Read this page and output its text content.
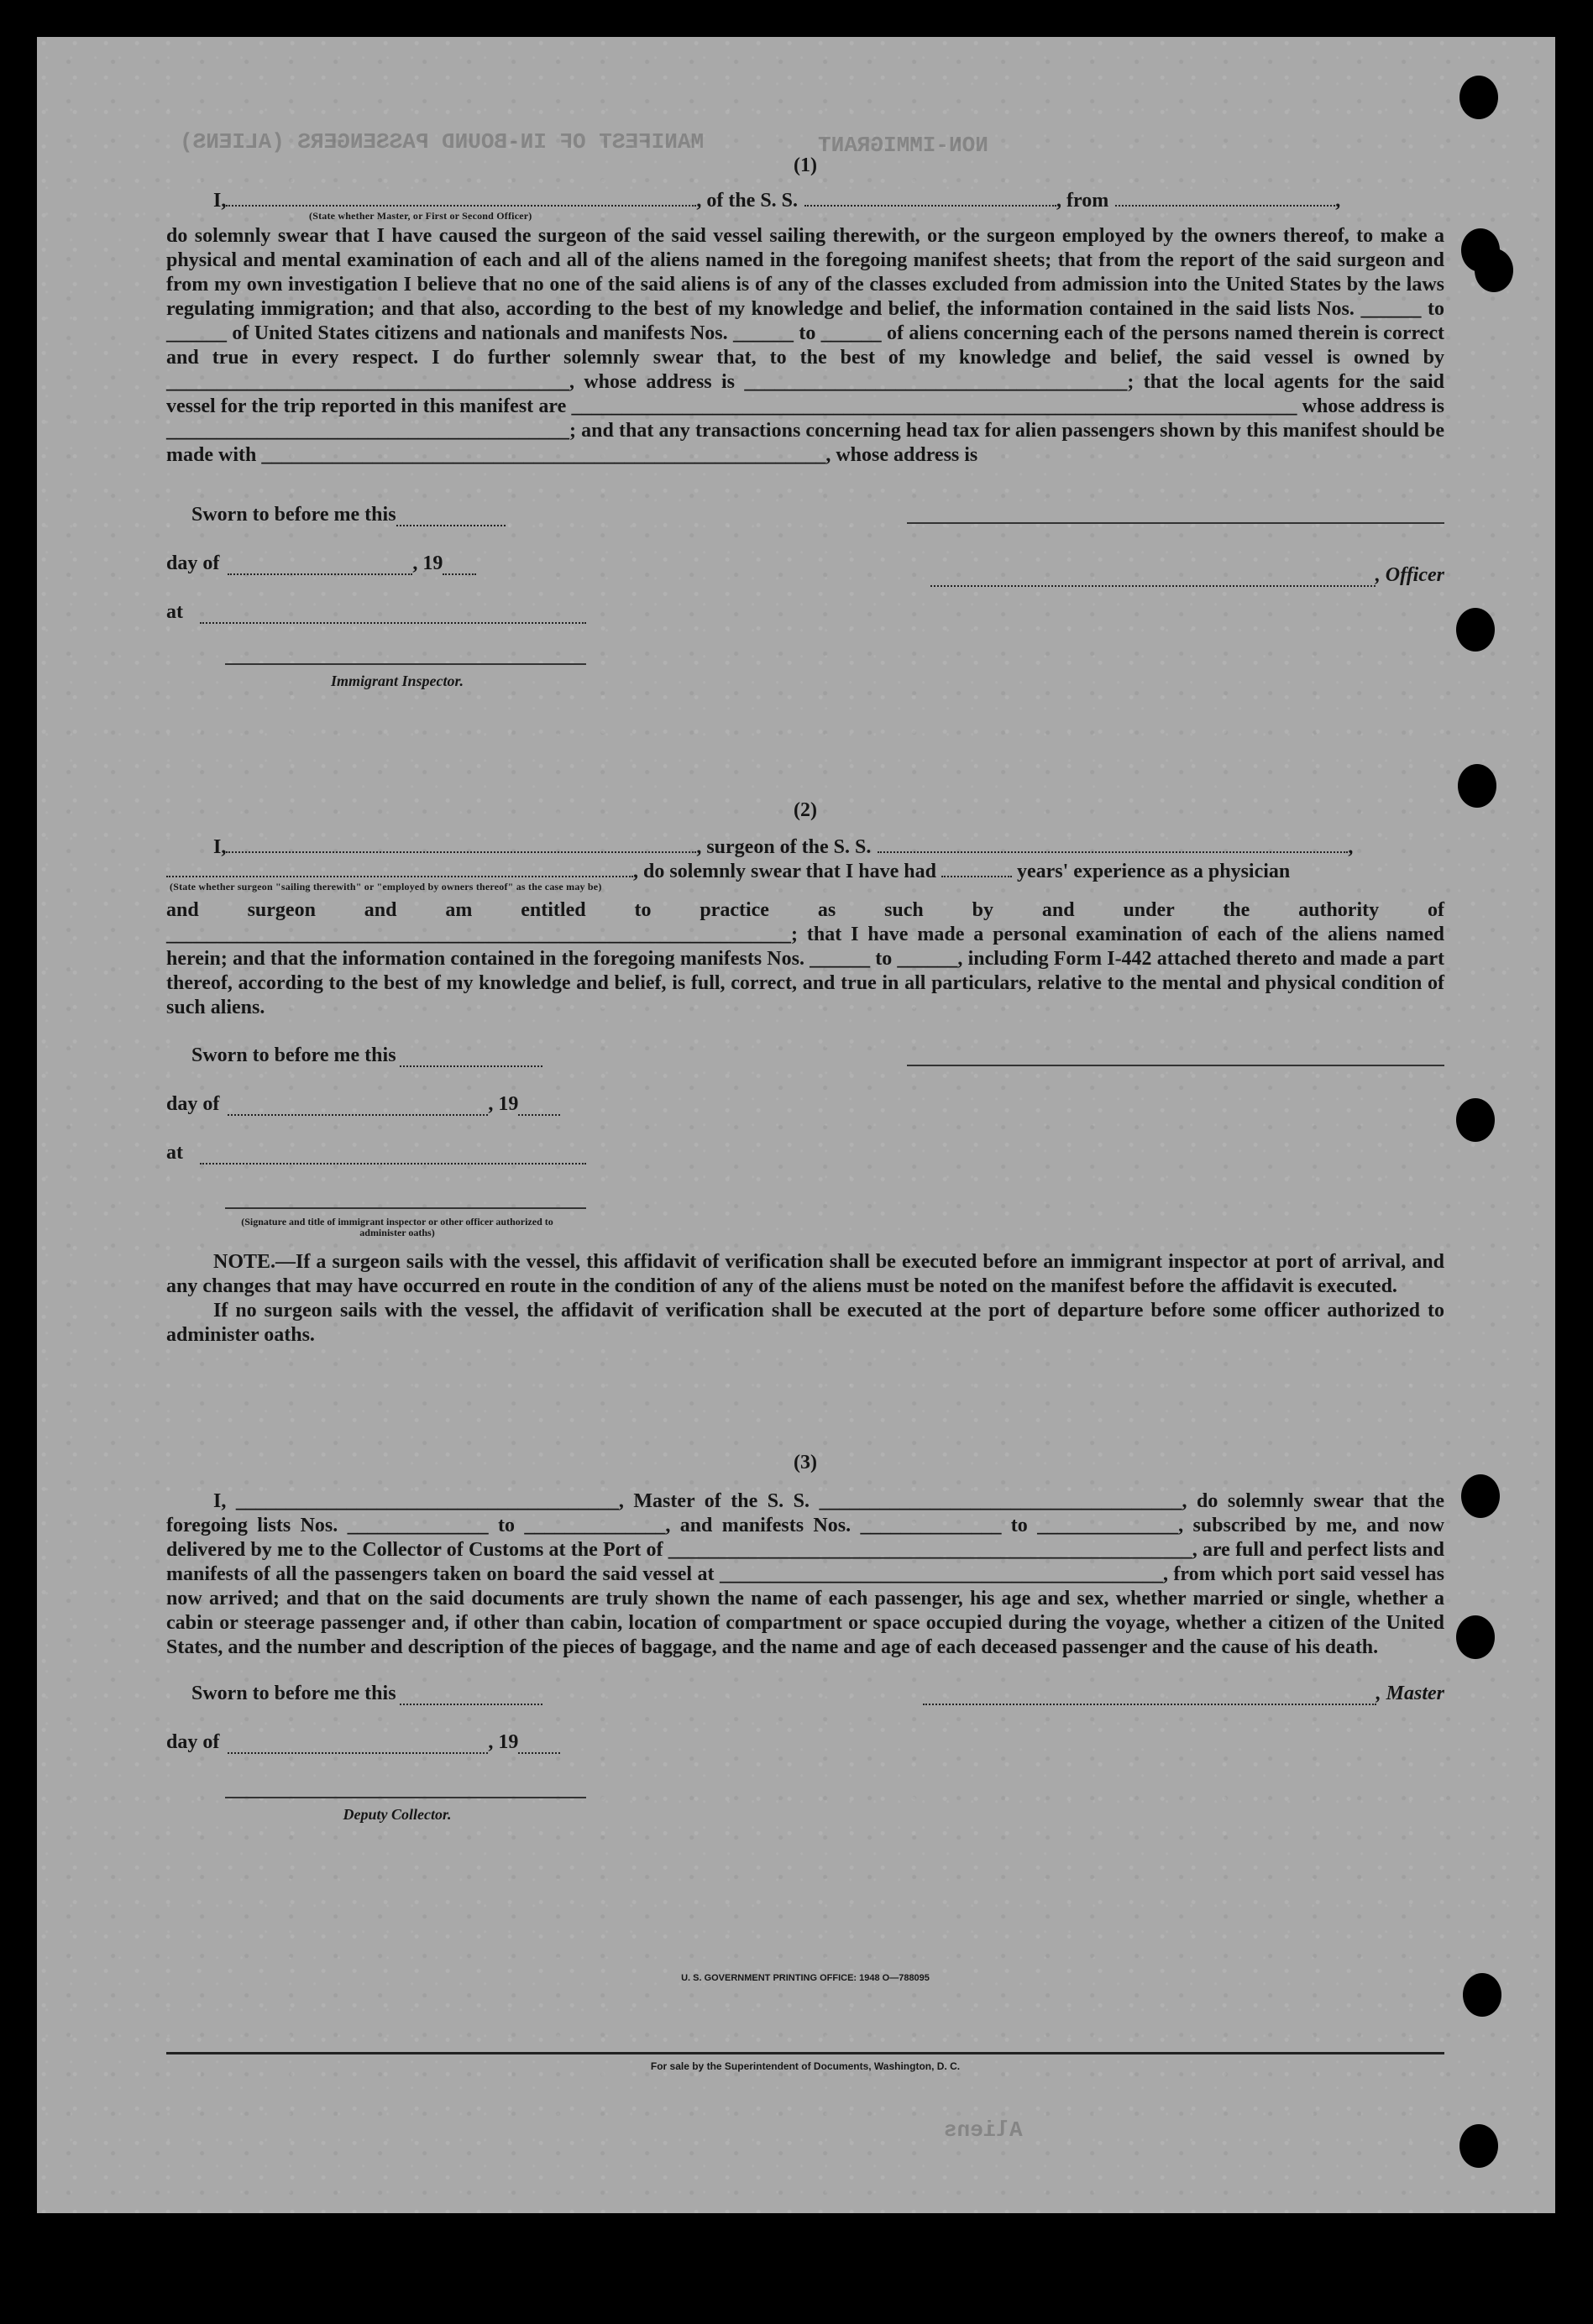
MANIFEST OF IN-BOUND PASSENGERS (ALIENS)	NON-IMMIGRANT
Aliens
(1)
I,	, of the S. S.	, from	,
(State whether Master, or First or Second Officer)

do solemnly swear that I have caused the surgeon of the said vessel sailing therewith, or the surgeon employed by the owners thereof, to make a physical and mental examination of each and all of the aliens named in the foregoing manifest sheets; that from the report of the said surgeon and from my own investigation I believe that no one of the said aliens is of any of the classes excluded from admission into the United States by the laws regulating immigration; and that also, according to the best of my knowledge and belief, the information contained in the said lists Nos. ______ to ______ of United States citizens and nationals and manifests Nos. ______ to ______ of aliens concerning each of the persons named therein is correct and true in every respect. I do further solemnly swear that, to the best of my knowledge and belief, the said vessel is owned by ________________________________________, whose address is ______________________________________; that the local agents for the said vessel for the trip reported in this manifest are ________________________________________________________________________ whose address is ________________________________________; and that any transactions concerning head tax for alien passengers shown by this manifest should be made with ________________________________________________________, whose address is

Sworn to before me this
day of	, 19
at
Immigrant Inspector.
, Officer
(2)
I,	, surgeon of the S. S.	,
, do solemnly swear that I have had	years' experience as a physician
(State whether surgeon "sailing therewith" or "employed by owners thereof" as the case may be)

and surgeon and am entitled to practice as such by and under the authority of ______________________________________________________________; that I have made a personal examination of each of the aliens named herein; and that the information contained in the foregoing manifests Nos. ______ to ______, including Form I-442 attached thereto and made a part thereof, according to the best of my knowledge and belief, is full, correct, and true in all particulars, relative to the mental and physical condition of such aliens.

Sworn to before me this
day of	, 19
at
(Signature and title of immigrant inspector or other officer authorized to administer oaths)

NOTE.—If a surgeon sails with the vessel, this affidavit of verification shall be executed before an immigrant inspector at port of arrival, and any changes that may have occurred en route in the condition of any of the aliens must be noted on the manifest before the affidavit is executed.

If no surgeon sails with the vessel, the affidavit of verification shall be executed at the port of departure before some officer authorized to administer oaths.

(3)

I, ______________________________________, Master of the S. S. ____________________________________, do solemnly swear that the foregoing lists Nos. ______________ to ______________, and manifests Nos. ______________ to ______________, subscribed by me, and now delivered by me to the Collector of Customs at the Port of ____________________________________________________, are full and perfect lists and manifests of all the passengers taken on board the said vessel at ____________________________________________, from which port said vessel has now arrived; and that on the said documents are truly shown the name of each passenger, his age and sex, whether married or single, whether a cabin or steerage passenger and, if other than cabin, location of compartment or space occupied during the voyage, whether a citizen of the United States, and the number and description of the pieces of baggage, and the name and age of each deceased passenger and the cause of his death.

Sworn to before me this
day of	, 19
Deputy Collector.
, Master
U. S. GOVERNMENT PRINTING OFFICE: 1948 O—788095
For sale by the Superintendent of Documents, Washington, D. C.
